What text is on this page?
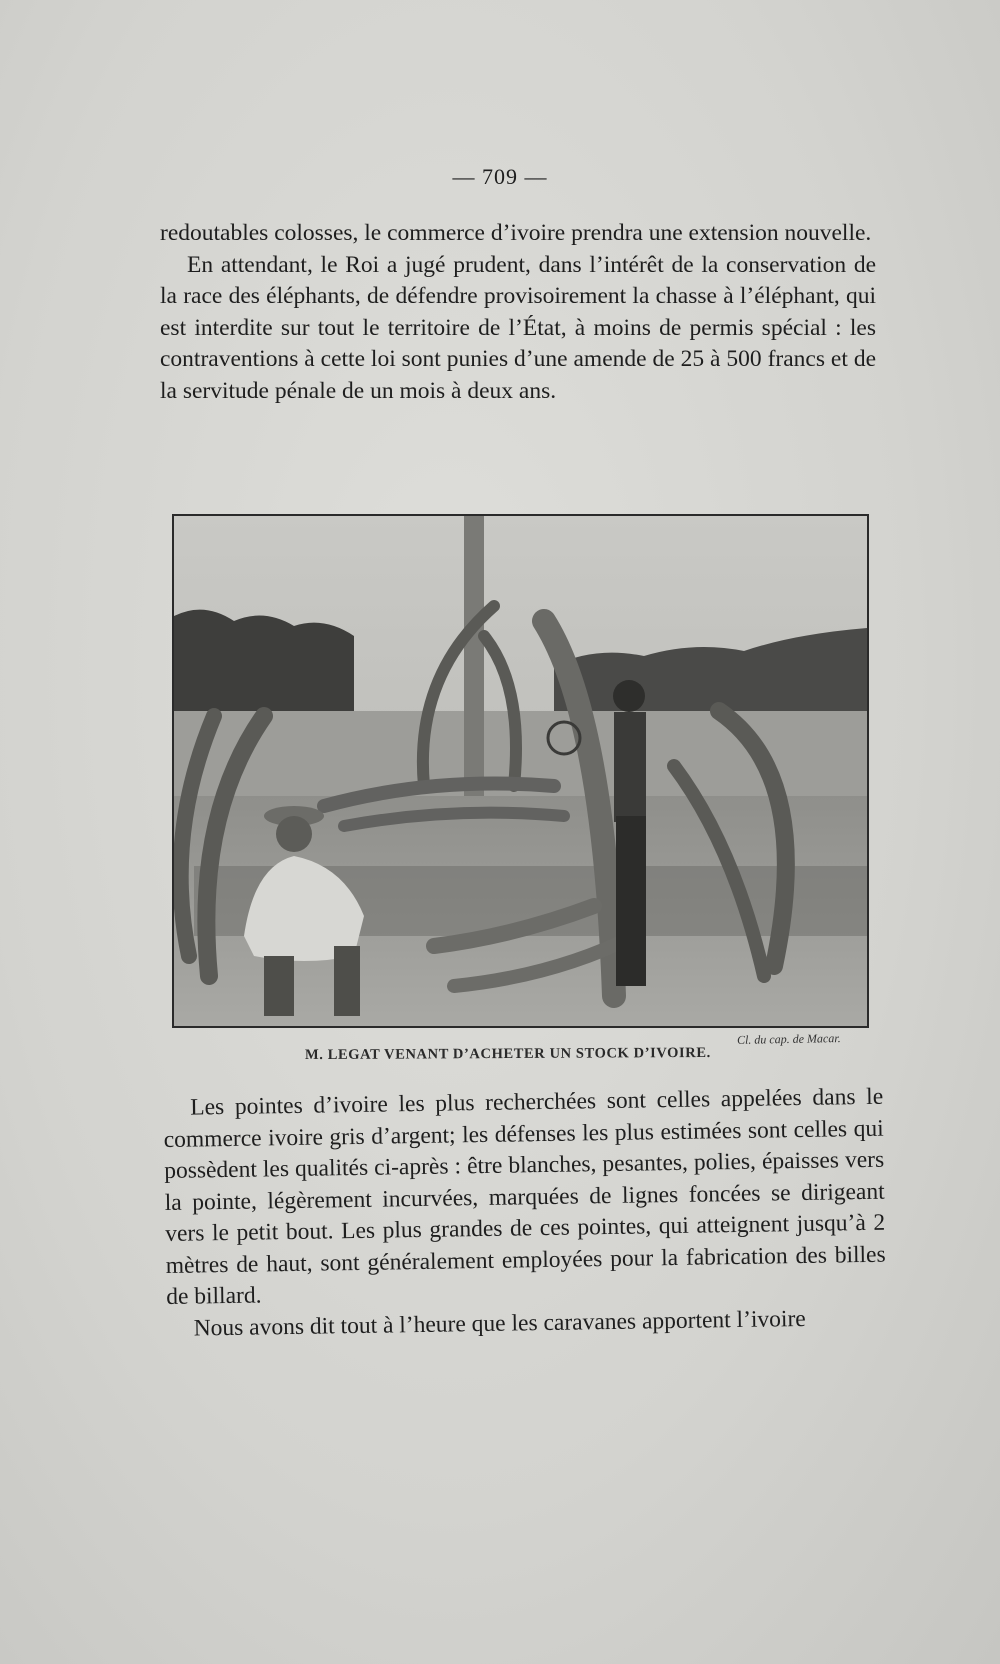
— 709 —
redoutables colosses, le commerce d’ivoire prendra une extension nouvelle.
En attendant, le Roi a jugé prudent, dans l’intérêt de la conservation de la race des éléphants, de défendre provisoirement la chasse à l’éléphant, qui est interdite sur tout le territoire de l’État, à moins de permis spécial : les contraventions à cette loi sont punies d’une amende de 25 à 500 francs et de la servitude pénale de un mois à deux ans.
M. LEGAT VENANT D’ACHETER UN STOCK D’IVOIRE.
Cl. du cap. de Macar.
Les pointes d’ivoire les plus recherchées sont celles appelées dans le commerce ivoire gris d’argent; les défenses les plus estimées sont celles qui possèdent les qualités ci-après : être blanches, pesantes, polies, épaisses vers la pointe, légèrement incurvées, marquées de lignes foncées se dirigeant vers le petit bout. Les plus grandes de ces pointes, qui atteignent jusqu’à 2 mètres de haut, sont généralement employées pour la fabrication des billes de billard.
Nous avons dit tout à l’heure que les caravanes apportent l’ivoire
